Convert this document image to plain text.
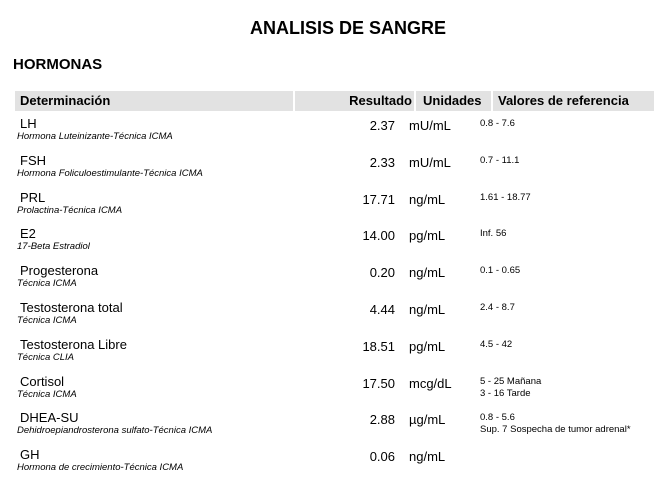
ANALISIS DE SANGRE
HORMONAS
Determinación	Resultado Unidades	Valores de referencia
LH
Hormona Luteinizante-Técnica ICMA
2.37 mU/mL	0.8 - 7.6
FSH
Hormona Foliculoestimulante-Técnica ICMA
2.33 mU/mL	0.7 - 11.1
PRL
Prolactina-Técnica ICMA
17.71 ng/mL	1.61 - 18.77
E2
17-Beta Estradiol
14.00 pg/mL	Inf. 56
Progesterona
Técnica ICMA
0.20 ng/mL	0.1 - 0.65
Testosterona total
Técnica ICMA
4.44 ng/mL	2.4 - 8.7
Testosterona Libre
Técnica CLIA
18.51 pg/mL	4.5 - 42
Cortisol
Técnica ICMA
17.50 mcg/dL	5 - 25 Mañana
3 - 16 Tarde
DHEA-SU
Dehidroepiandrosterona sulfato-Técnica ICMA
2.88 µg/mL	0.8 - 5.6
Sup. 7 Sospecha de tumor adrenal*
GH
Hormona de crecimiento-Técnica ICMA
0.06 ng/mL
